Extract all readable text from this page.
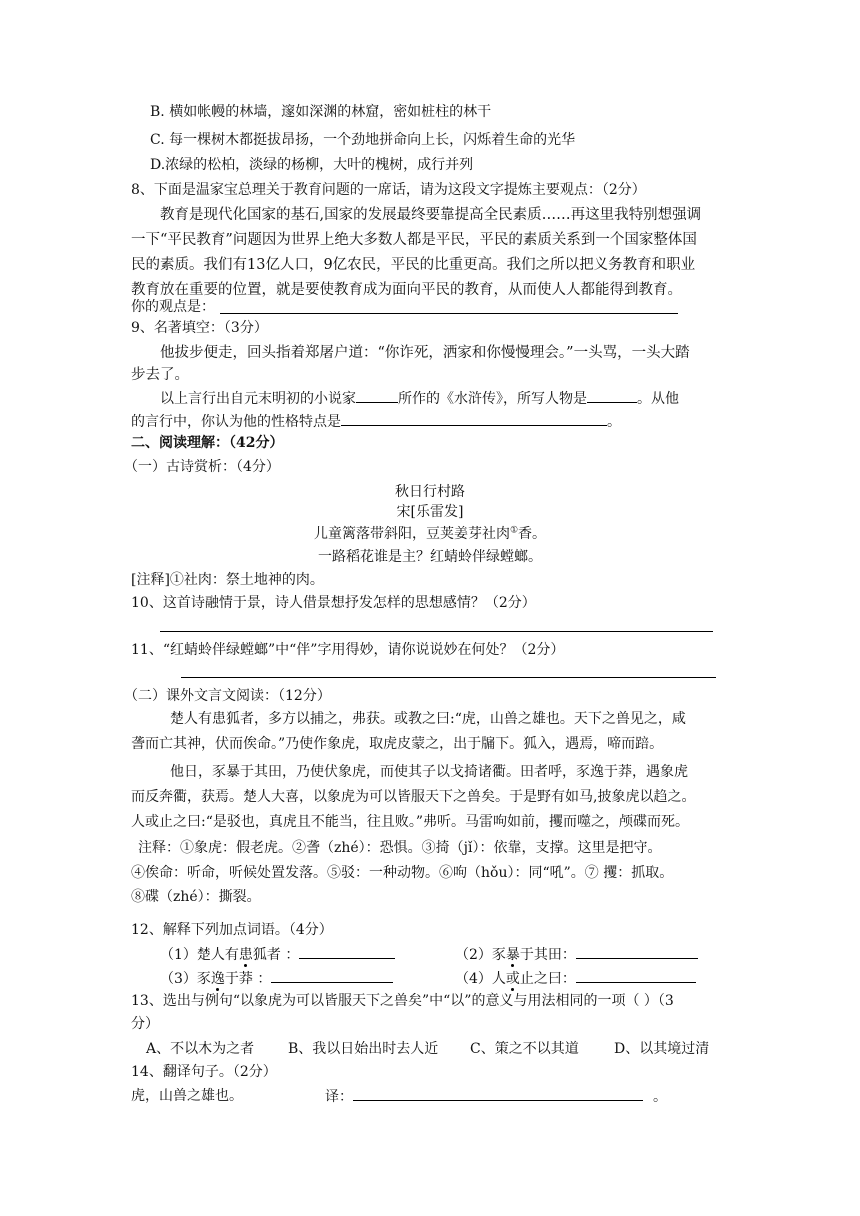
B. 横如帐幔的林墙，邃如深渊的林窟，密如桩柱的林干
C. 每一棵树木都挺拔昂扬，一个劲地拼命向上长，闪烁着生命的光华
D.浓绿的松柏，淡绿的杨柳，大叶的槐树，成行并列
8、下面是温家宝总理关于教育问题的一席话，请为这段文字提炼主要观点：（2分）
教育是现代化国家的基石,国家的发展最终要靠提高全民素质……再这里我特别想强调
一下“平民教育”问题因为世界上绝大多数人都是平民，平民的素质关系到一个国家整体国
民的素质。我们有13亿人口，9亿农民，平民的比重更高。我们之所以把义务教育和职业
教育放在重要的位置，就是要使教育成为面向平民的教育，从而使人人都能得到教育。
你的观点是：
9、名著填空：（3分）
他拔步便走，回头指着郑屠户道：“你诈死，洒家和你慢慢理会。”一头骂，一头大踏
步去了。
以上言行出自元末明初的小说家	所作的《水浒传》，所写人物是	。从他
的言行中，你认为他的性格特点是	。
二、阅读理解：（42分）
（一）古诗赏析：（4分）
秋日行村路
宋[乐雷发]
儿童篱落带斜阳，豆荚姜芽社肉①香。
一路稻花谁是主？红蜻蛉伴绿螳螂。
[注释]①社肉：祭土地神的肉。
10、这首诗融情于景，诗人借景想抒发怎样的思想感情？（2分）
11、“红蜻蛉伴绿螳螂”中“伴”字用得妙，请你说说妙在何处？（2分）
（二）课外文言文阅读：（12分）
楚人有患狐者，多方以捕之，弗获。或教之曰:“虎，山兽之雄也。天下之兽见之，咸
詟而亡其神，伏而俟命。”乃使作象虎，取虎皮蒙之，出于牖下。狐入，遇焉，啼而踣。
他日，豕暴于其田，乃使伏象虎，而使其子以戈掎诸衢。田者呼，豕逸于莽，遇象虎
而反奔衢，获焉。楚人大喜，以象虎为可以皆服天下之兽矣。于是野有如马,披象虎以趋之。
人或止之曰:“是驳也，真虎且不能当，往且败。”弗听。马雷呴如前，攫而噬之，颅碟而死。
注释：①象虎：假老虎。②詟（zhé）：恐惧。③掎（jǐ）：依靠，支撑。这里是把守。
④俟命：听命，听候处置发落。⑤驳：一种动物。⑥呴（hǒu）：同“吼”。⑦ 攫：抓取。
⑧碟（zhé）：撕裂。
12、解释下列加点词语。（4分）
（1）楚人有患狐者 ：	（2）豕暴于其田：
（3）豕逸于莽 ：	（4）人或止之曰：
13、选出与例句“以象虎为可以皆服天下之兽矣”中“以”的意义与用法相同的一项（ ）（3
分）
A、不以木为之者 B、我以日始出时去人近 C、策之不以其道	D、以其境过清
14、翻译句子。（2分）
虎，山兽之雄也。	译：	。
